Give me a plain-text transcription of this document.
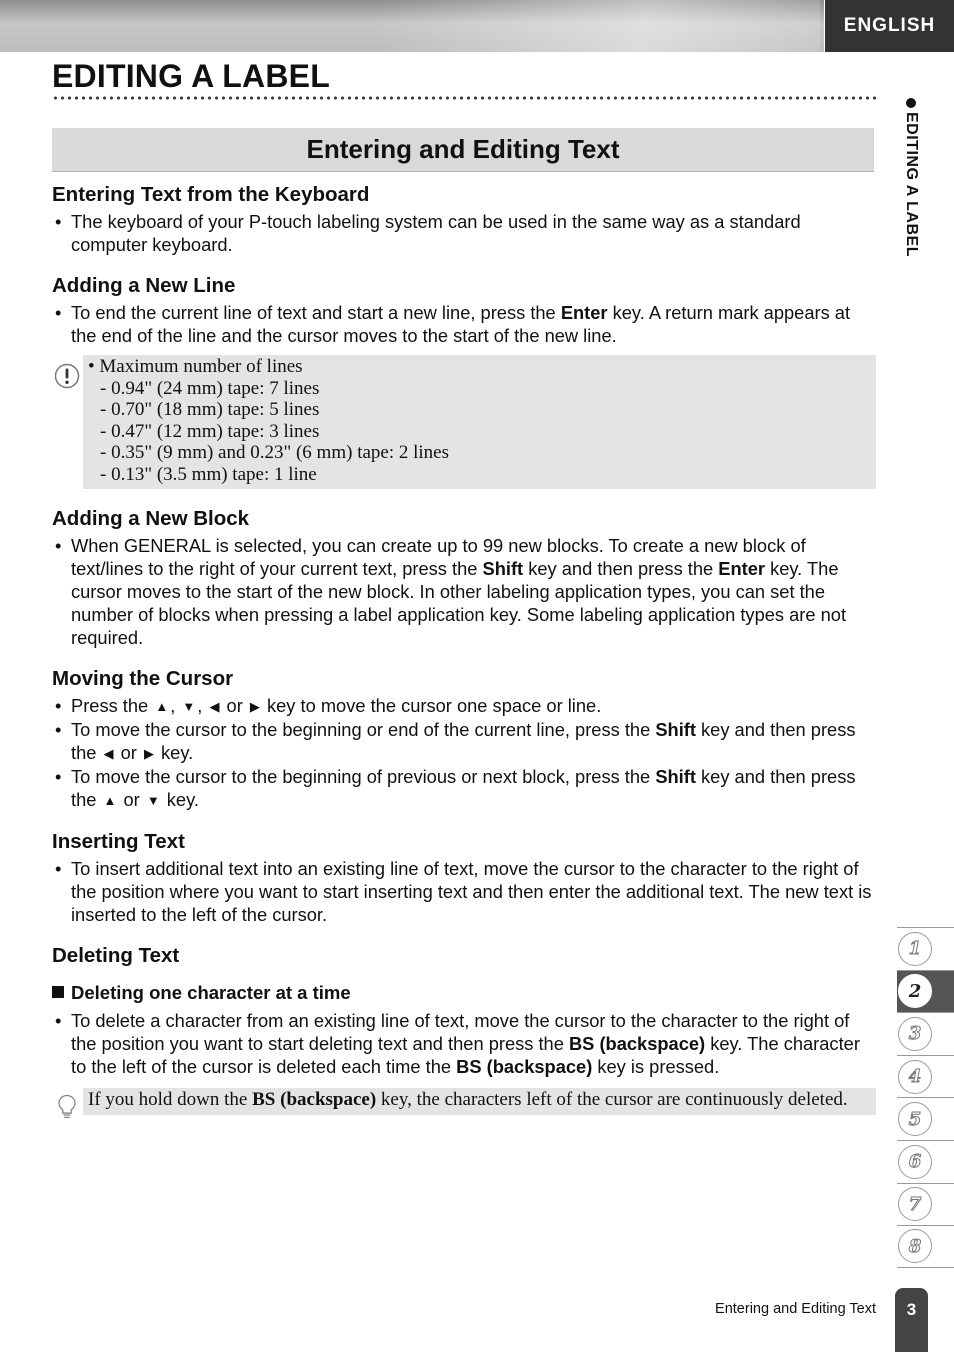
ENGLISH
EDITING A LABEL
Entering and Editing Text
Entering Text from the Keyboard
• The keyboard of your P-touch labeling system can be used in the same way as a standard computer keyboard.
Adding a New Line
• To end the current line of text and start a new line, press the Enter key. A return mark appears at the end of the line and the cursor moves to the start of the new line.
• Maximum number of lines
- 0.94" (24 mm) tape: 7 lines
- 0.70" (18 mm) tape: 5 lines
- 0.47" (12 mm) tape: 3 lines
- 0.35" (9 mm) and 0.23" (6 mm) tape: 2 lines
- 0.13" (3.5 mm) tape: 1 line
Adding a New Block
• When GENERAL is selected, you can create up to 99 new blocks. To create a new block of text/lines to the right of your current text, press the Shift key and then press the Enter key. The cursor moves to the start of the new block. In other labeling application types, you can set the number of blocks when pressing a label application key. Some labeling application types are not required.
Moving the Cursor
• Press the ▲ , ▼ , ◀ or ▶ key to move the cursor one space or line.
• To move the cursor to the beginning or end of the current line, press the Shift key and then press the ◀ or ▶ key.
• To move the cursor to the beginning of previous or next block, press the Shift key and then press the ▲ or ▼ key.
Inserting Text
• To insert additional text into an existing line of text, move the cursor to the character to the right of the position where you want to start inserting text and then enter the additional text. The new text is inserted to the left of the cursor.
Deleting Text
Deleting one character at a time
• To delete a character from an existing line of text, move the cursor to the character to the right of the position you want to start deleting text and then press the BS (backspace) key. The character to the left of the cursor is deleted each time the BS (backspace) key is pressed.
If you hold down the BS (backspace) key, the characters left of the cursor are continuously deleted.
EDITING A LABEL
1
2
3
4
5
6
7
8
Entering and Editing Text	3
